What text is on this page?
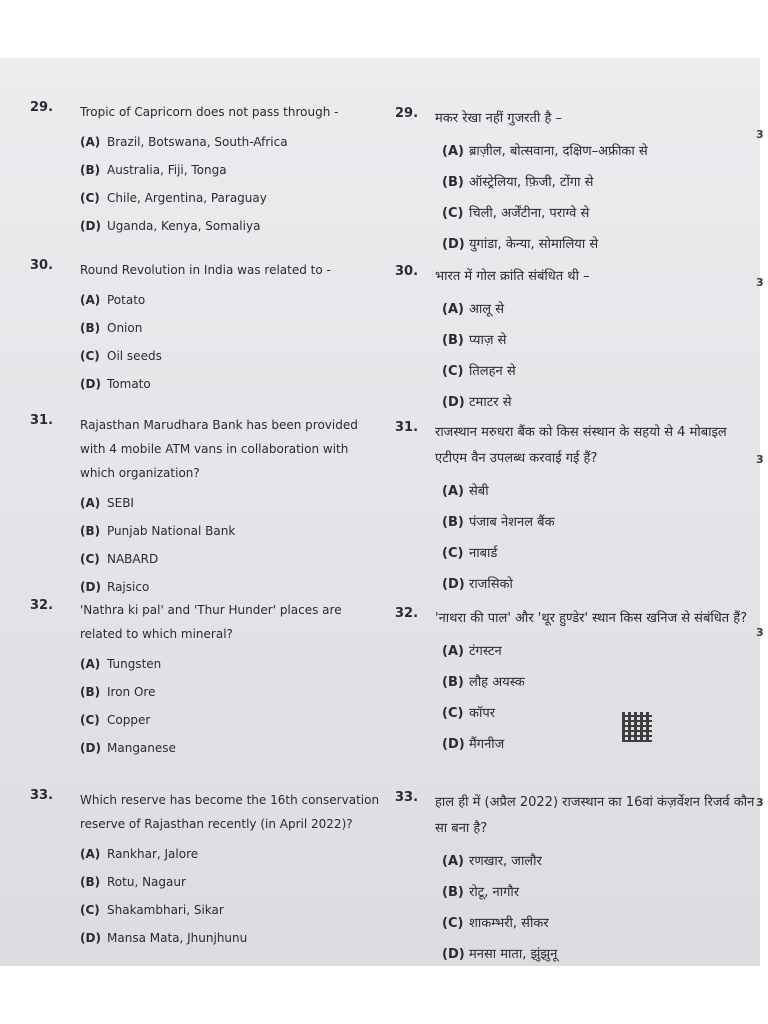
29. Tropic of Capricorn does not pass through -
(A) Brazil, Botswana, South-Africa
(B) Australia, Fiji, Tonga
(C) Chile, Argentina, Paraguay
(D) Uganda, Kenya, Somaliya
30. Round Revolution in India was related to -
(A) Potato
(B) Onion
(C) Oil seeds
(D) Tomato
31. Rajasthan Marudhara Bank has been provided with 4 mobile ATM vans in collaboration with which organization?
(A) SEBI
(B) Punjab National Bank
(C) NABARD
(D) Rajsico
32. 'Nathra ki pal' and 'Thur Hunder' places are related to which mineral?
(A) Tungsten
(B) Iron Ore
(C) Copper
(D) Manganese
33. Which reserve has become the 16th conservation reserve of Rajasthan recently (in April 2022)?
(A) Rankhar, Jalore
(B) Rotu, Nagaur
(C) Shakambhari, Sikar
(D) Mansa Mata, Jhunjhunu
29. मकर रेखा नहीं गुजरती है –
(A) ब्राज़ील, बोत्सवाना, दक्षिण–अफ्रीका से
(B) ऑस्ट्रेलिया, फ़िजी, टोंगा से
(C) चिली, अर्जेंटीना, पराग्वे से
(D) युगांडा, केन्या, सोमालिया से
30. भारत में गोल क्रांति संबंधित थी –
(A) आलू से
(B) प्याज़ से
(C) तिलहन से
(D) टमाटर से
31. राजस्थान मरुधरा बैंक को किस संस्थान के सहयो से 4 मोबाइल एटीएम वैन उपलब्ध करवाई गई हैं?
(A) सेबी
(B) पंजाब नेशनल बैंक
(C) नाबार्ड
(D) राजसिको
32. 'नाथरा की पाल' और 'थूर हुण्डेर' स्थान किस खनिज से संबंधित हैं?
(A) टंगस्टन
(B) लौह अयस्क
(C) कॉपर
(D) मैंगनीज
33. हाल ही में (अप्रैल 2022) राजस्थान का 16वां कंज़र्वेशन रिजर्व कौन सा बना है?
(A) रणखार, जालौर
(B) रोटू, नागौर
(C) शाकम्भरी, सीकर
(D) मनसा माता, झुंझुनू
3
3
3
3
3
